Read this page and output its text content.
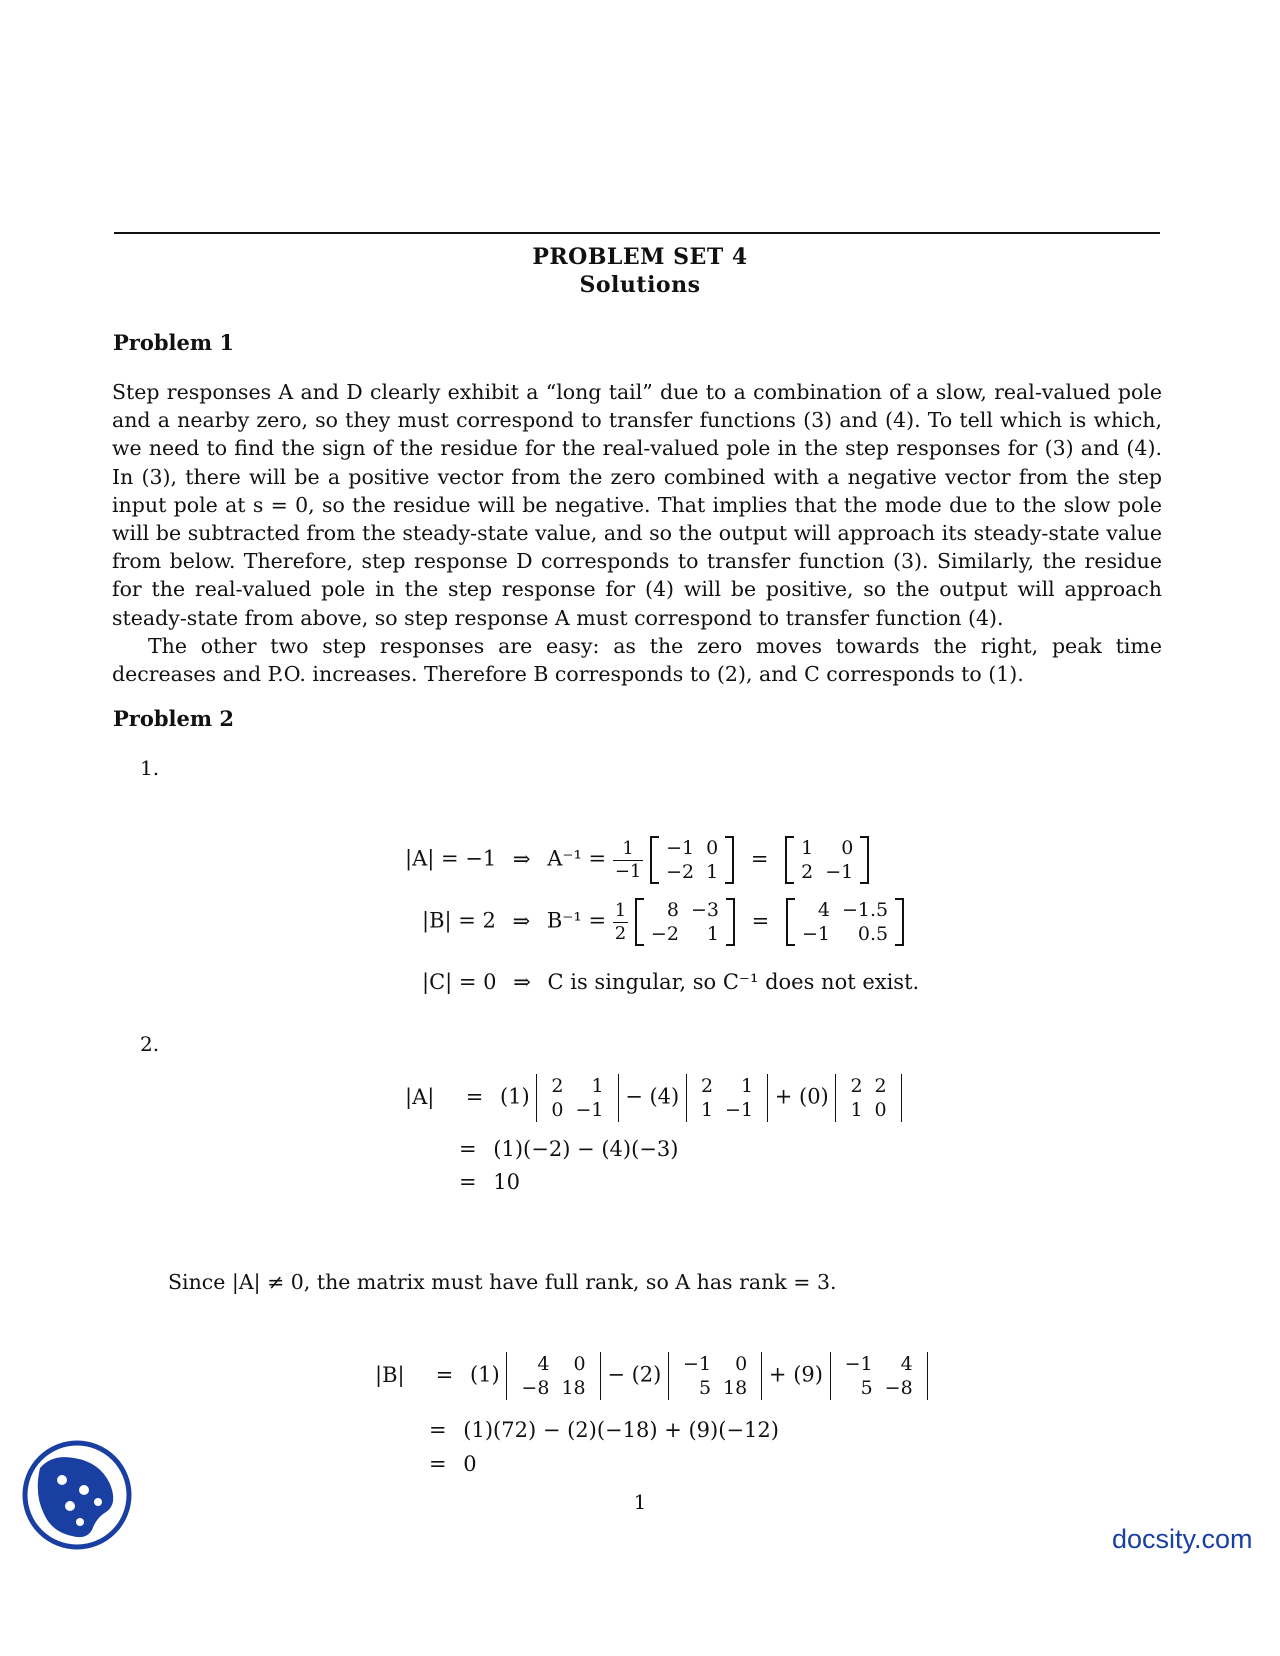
PROBLEM SET 4
Solutions
Problem 1

Step responses A and D clearly exhibit a “long tail” due to a combination of a slow, real-valued pole and a nearby zero, so they must correspond to transfer functions (3) and (4). To tell which is which, we need to find the sign of the residue for the real-valued pole in the step responses for (3) and (4). In (3), there will be a positive vector from the zero combined with a negative vector from the step input pole at s = 0, so the residue will be negative. That implies that the mode due to the slow pole will be subtracted from the steady-state value, and so the output will approach its steady-state value from below. Therefore, step response D corresponds to transfer function (3). Similarly, the residue for the real-valued pole in the step response for (4) will be positive, so the output will approach steady-state from above, so step response A must correspond to transfer function (4).

The other two step responses are easy: as the zero moves towards the right, peak time decreases and P.O. increases. Therefore B corresponds to (2), and C corresponds to (1).

Problem 2
1.
|A| = −1 ⇒ $A^{-1} = \frac{1}{-1}$
−1	0
−2	1
= 1	0
2	−1
|B| = 2 ⇒ $B^{-1} = \frac{1}{2}$
8	−3
−2	1
=	4	−1.5
−1	0.5
|C| = 0 ⇒ C is singular, so C⁻¹ does not exist.
2.
|A| = (1) 2	1
0	−1
− (4) 2	1
1	−1
+ (0) 2	2
1	0
= (1)(−2) − (4)(−3)
= 10
Since |A| ≠ 0, the matrix must have full rank, so A has rank = 3.
|B| = (1) 4	0
−8	18
− (2) −1	0
5	18
+ (9) −1	4
5	−8
= (1)(72) − (2)(−18) + (9)(−12)
= 0
1
docsity.com
